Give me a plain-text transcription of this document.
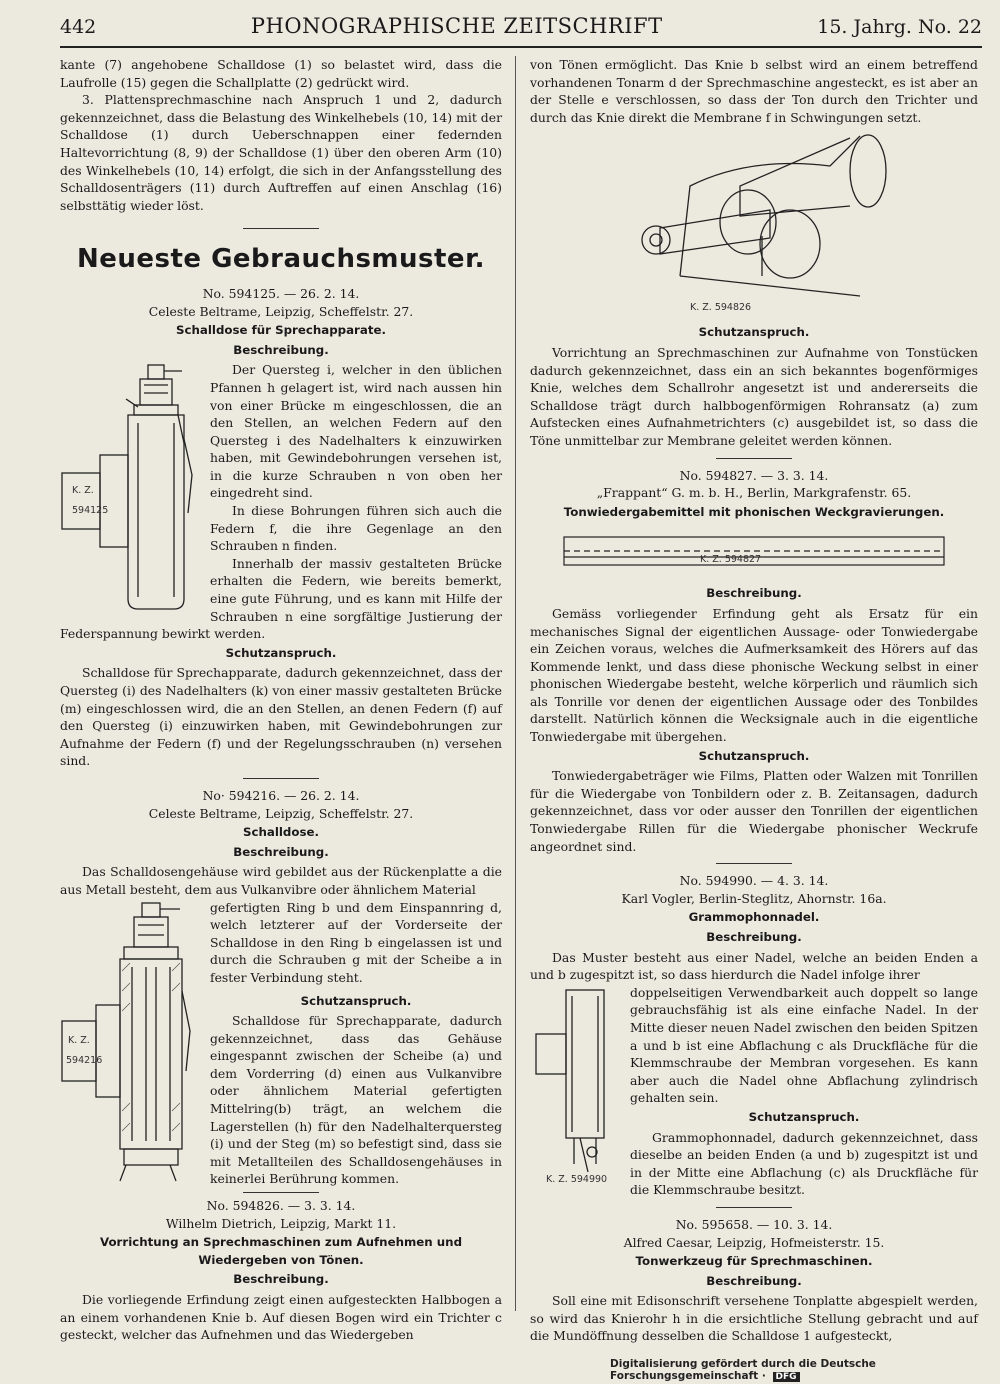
442	PHONOGRAPHISCHE ZEITSCHRIFT	15. Jahrg. No. 22

kante (7) angehobene Schalldose (1) so belastet wird, dass die Laufrolle (15) gegen die Schallplatte (2) gedrückt wird.

3. Plattensprechmaschine nach Anspruch 1 und 2, dadurch gekennzeichnet, dass die Belastung des Winkelhebels (10, 14) mit der Schalldose (1) durch Ueberschnappen einer federnden Haltevorrichtung (8, 9) der Schalldose (1) über den oberen Arm (10) des Winkelhebels (10, 14) erfolgt, die sich in der Anfangsstellung des Schalldosenträgers (11) durch Auftreffen auf einen Anschlag (16) selbsttätig wieder löst.

Neueste Gebrauchsmuster.

No. 594125. — 26. 2. 14.

Celeste Beltrame, Leipzig, Scheffelstr. 27.

Schalldose für Sprechapparate.

Beschreibung.

K. Z.
594125

Der Quersteg i, welcher in den üblichen Pfannen h gelagert ist, wird nach aussen hin von einer Brücke m eingeschlossen, die an den Stellen, an welchen Federn auf den Quersteg i des Nadelhalters k einzuwirken haben, mit Gewindebohrungen versehen ist, in die kurze Schrauben n von oben her eingedreht sind.

In diese Bohrungen führen sich auch die Federn f, die ihre Gegenlage an den Schrauben n finden.

Innerhalb der massiv gestalteten Brücke erhalten die Federn, wie bereits bemerkt, eine gute Führung, und es kann mit Hilfe der Schrauben n eine sorgfältige Justierung der Federspannung bewirkt werden.

Schutzanspruch.

Schalldose für Sprechapparate, dadurch gekennzeichnet, dass der Quersteg (i) des Nadelhalters (k) von einer massiv gestalteten Brücke (m) eingeschlossen wird, die an den Stellen, an denen Federn (f) auf den Quersteg (i) einzuwirken haben, mit Gewindebohrungen zur Aufnahme der Federn (f) und der Regelungsschrauben (n) versehen sind.

No· 594216. — 26. 2. 14.

Celeste Beltrame, Leipzig, Scheffelstr. 27.

Schalldose.

Beschreibung.

Das Schalldosengehäuse wird gebildet aus der Rückenplatte a die aus Metall besteht, dem aus Vulkanvibre oder ähnlichem Material

K. Z.
594216

gefertigten Ring b und dem Einspannring d, welch letzterer auf der Vorderseite der Schalldose in den Ring b eingelassen ist und durch die Schrauben g mit der Scheibe a in fester Verbindung steht.

Schutzanspruch.

Schalldose für Sprechapparate, dadurch gekennzeichnet, dass das Gehäuse eingespannt zwischen der Scheibe (a) und dem Vorderring (d) einen aus Vulkanvibre oder ähnlichem Material gefertigten Mittelring(b) trägt, an welchem die Lagerstellen (h) für den Nadelhalterquersteg (i) und der Steg (m) so befestigt sind, dass sie mit Metallteilen des Schalldosengehäuses in keinerlei Berührung kommen.

No. 594826. — 3. 3. 14.

Wilhelm Dietrich, Leipzig, Markt 11.

Vorrichtung an Sprechmaschinen zum Aufnehmen und Wiedergeben von Tönen.

Beschreibung.

Die vorliegende Erfindung zeigt einen aufgesteckten Halbbogen a an einem vorhandenen Knie b. Auf diesen Bogen wird ein Trichter c gesteckt, welcher das Aufnehmen und das Wiedergeben

von Tönen ermöglicht. Das Knie b selbst wird an einem betreffend vorhandenen Tonarm d der Sprechmaschine angesteckt, es ist aber an der Stelle e verschlossen, so dass der Ton durch den Trichter und durch das Knie direkt die Membrane f in Schwingungen setzt.

K. Z. 594826

Schutzanspruch.

Vorrichtung an Sprechmaschinen zur Aufnahme von Tonstücken dadurch gekennzeichnet, dass ein an sich bekanntes bogenförmiges Knie, welches dem Schallrohr angesetzt ist und andererseits die Schalldose trägt durch halbbogenförmigen Rohransatz (a) zum Aufstecken eines Aufnahmetrichters (c) ausgebildet ist, so dass die Töne unmittelbar zur Membrane geleitet werden können.

No. 594827. — 3. 3. 14.

„Frappant“ G. m. b. H., Berlin, Markgrafenstr. 65.

Tonwiedergabemittel mit phonischen Weckgravierungen.

K. Z. 594827

Beschreibung.

Gemäss vorliegender Erfindung geht als Ersatz für ein mechanisches Signal der eigentlichen Aussage- oder Tonwiedergabe ein Zeichen voraus, welches die Aufmerksamkeit des Hörers auf das Kommende lenkt, und dass diese phonische Weckung selbst in einer phonischen Wiedergabe besteht, welche körperlich und räumlich sich als Tonrille vor denen der eigentlichen Aussage oder des Tonbildes darstellt. Natürlich können die Wecksignale auch in die eigentliche Tonwiedergabe mit übergehen.

Schutzanspruch.

Tonwiedergabeträger wie Films, Platten oder Walzen mit Tonrillen für die Wiedergabe von Tonbildern oder z. B. Zeitansagen, dadurch gekennzeichnet, dass vor oder ausser den Tonrillen der eigentlichen Tonwiedergabe Rillen für die Wiedergabe phonischer Weckrufe angeordnet sind.

No. 594990. — 4. 3. 14.

Karl Vogler, Berlin-Steglitz, Ahornstr. 16a.

Grammophonnadel.

Beschreibung.

Das Muster besteht aus einer Nadel, welche an beiden Enden a und b zugespitzt ist, so dass hierdurch die Nadel infolge ihrer

K. Z. 594990

doppelseitigen Verwendbarkeit auch doppelt so lange gebrauchsfähig ist als eine einfache Nadel. In der Mitte dieser neuen Nadel zwischen den beiden Spitzen a und b ist eine Abflachung c als Druckfläche für die Klemmschraube der Membran vorgesehen. Es kann aber auch die Nadel ohne Abflachung zylindrisch gehalten sein.

Schutzanspruch.

Grammophonnadel, dadurch gekennzeichnet, dass dieselbe an beiden Enden (a und b) zugespitzt ist und in der Mitte eine Abflachung (c) als Druckfläche für die Klemmschraube besitzt.

No. 595658. — 10. 3. 14.

Alfred Caesar, Leipzig, Hofmeisterstr. 15.

Tonwerkzeug für Sprechmaschinen.

Beschreibung.

Soll eine mit Edisonschrift versehene Tonplatte abgespielt werden, so wird das Knierohr h in die ersichtliche Stellung gebracht und auf die Mundöffnung desselben die Schalldose 1 aufgesteckt,

Digitalisierung gefördert durch die Deutsche Forschungsgemeinschaft · DFG
